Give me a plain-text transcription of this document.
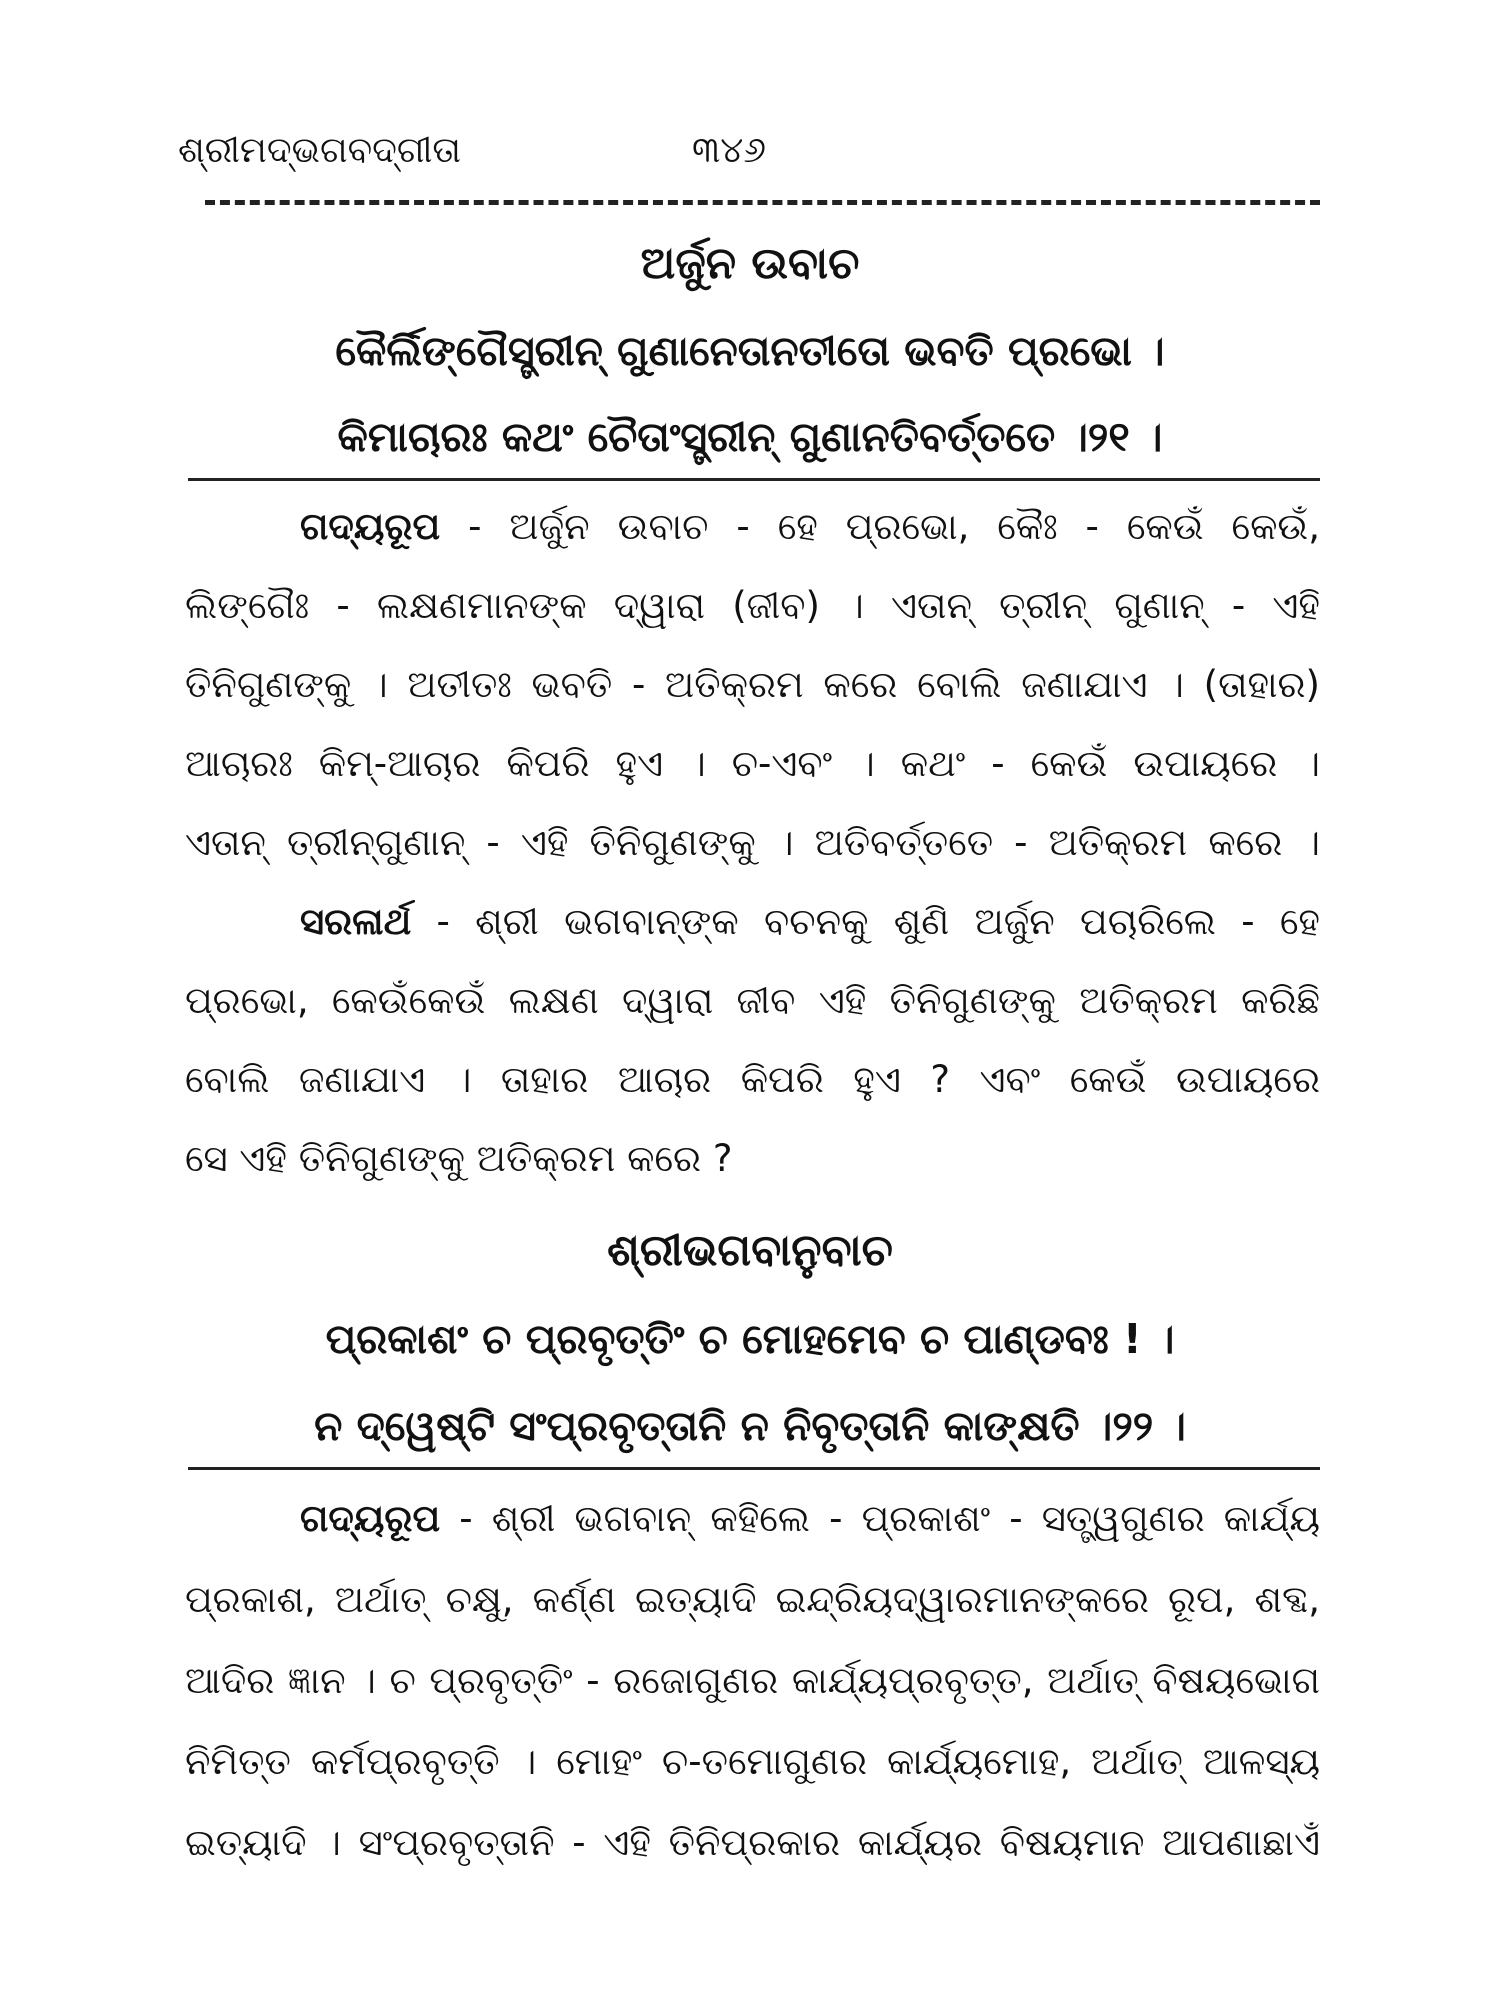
ଶ୍ରୀମଦ୍‌ଭଗବଦ୍‌ଗୀତା	୩୪୬
ଅର୍ଜୁନ ଉବାଚ
କୈର୍ଲିଙ୍ଗୈସ୍ତ୍ରୀନ୍ ଗୁଣାନେତାନତୀତୋ ଭବତି ପ୍ରଭୋ ।
କିମାଚାରଃ କଥଂ ଚୈତାଂସ୍ତ୍ରୀନ୍ ଗୁଣାନତିବର୍ତ୍ତତେ ।୨୧ ।
ଗଦ୍ୟରୂପ - ଅର୍ଜୁନ ଉବାଚ - ହେ ପ୍ରଭୋ, କୈଃ - କେଉଁ କେଉଁ,
ଲିଙ୍ଗୈଃ - ଲକ୍ଷଣମାନଙ୍କ ଦ୍ୱାରା (ଜୀବ) । ଏତାନ୍ ତ୍ରୀନ୍ ଗୁଣାନ୍ - ଏହି
ତିନିଗୁଣଙ୍କୁ । ଅତୀତଃ ଭବତି - ଅତିକ୍ରମ କରେ ବୋଲି ଜଣାଯାଏ । (ତାହାର)
ଆଚାରଃ କିମ୍-ଆଚାର କିପରି ହୁଏ । ଚ-ଏବଂ । କଥଂ - କେଉଁ ଉପାୟରେ ।
ଏତାନ୍ ତ୍ରୀନ୍‌ଗୁଣାନ୍ - ଏହି ତିନିଗୁଣଙ୍କୁ । ଅତିବର୍ତ୍ତତେ - ଅତିକ୍ରମ କରେ ।
ସରଳାର୍ଥ - ଶ୍ରୀ ଭଗବାନ୍‌ଙ୍କ ବଚନକୁ ଶୁଣି ଅର୍ଜୁନ ପଚାରିଲେ - ହେ
ପ୍ରଭୋ, କେଉଁକେଉଁ ଲକ୍ଷଣ ଦ୍ୱାରା ଜୀବ ଏହି ତିନିଗୁଣଙ୍କୁ ଅତିକ୍ରମ କରିଛି
ବୋଲି ଜଣାଯାଏ । ତାହାର ଆଚାର କିପରି ହୁଏ ? ଏବଂ କେଉଁ ଉପାୟରେ
ସେ ଏହି ତିନିଗୁଣଙ୍କୁ ଅତିକ୍ରମ କରେ ?
ଶ୍ରୀଭଗବାନୁବାଚ
ପ୍ରକାଶଂ ଚ ପ୍ରବୃତ୍ତିଂ ଚ ମୋହମେବ ଚ ପାଣ୍ଡବଃ ! ।
ନ ଦ୍ୱେଷ୍ଟି ସଂପ୍ରବୃତ୍ତାନି ନ ନିବୃତ୍ତାନି କାଙ୍‌କ୍ଷତି ।୨୨ ।
ଗଦ୍ୟରୂପ - ଶ୍ରୀ ଭଗବାନ୍ କହିଲେ - ପ୍ରକାଶଂ - ସତ୍ତ୍ୱଗୁଣର କାର୍ଯ୍ୟ
ପ୍ରକାଶ, ଅର୍ଥାତ୍ ଚକ୍ଷୁ, କର୍ଣ୍ଣ ଇତ୍ୟାଦି ଇନ୍ଦ୍ରିୟଦ୍ୱାରମାନଙ୍କରେ ରୂପ, ଶବ୍ଦ,
ଆଦିର ଜ୍ଞାନ । ଚ ପ୍ରବୃତ୍ତିଂ - ରଜୋଗୁଣର କାର୍ଯ୍ୟପ୍ରବୃତ୍ତ, ଅର୍ଥାତ୍ ବିଷୟଭୋଗ
ନିମିତ୍ତ କର୍ମପ୍ରବୃତ୍ତି । ମୋହଂ ଚ-ତମୋଗୁଣର କାର୍ଯ୍ୟମୋହ, ଅର୍ଥାତ୍ ଆଳସ୍ୟ
ଇତ୍ୟାଦି । ସଂପ୍ରବୃତ୍ତାନି - ଏହି ତିନିପ୍ରକାର କାର୍ଯ୍ୟର ବିଷୟମାନ ଆପଣାଛାଏଁ
